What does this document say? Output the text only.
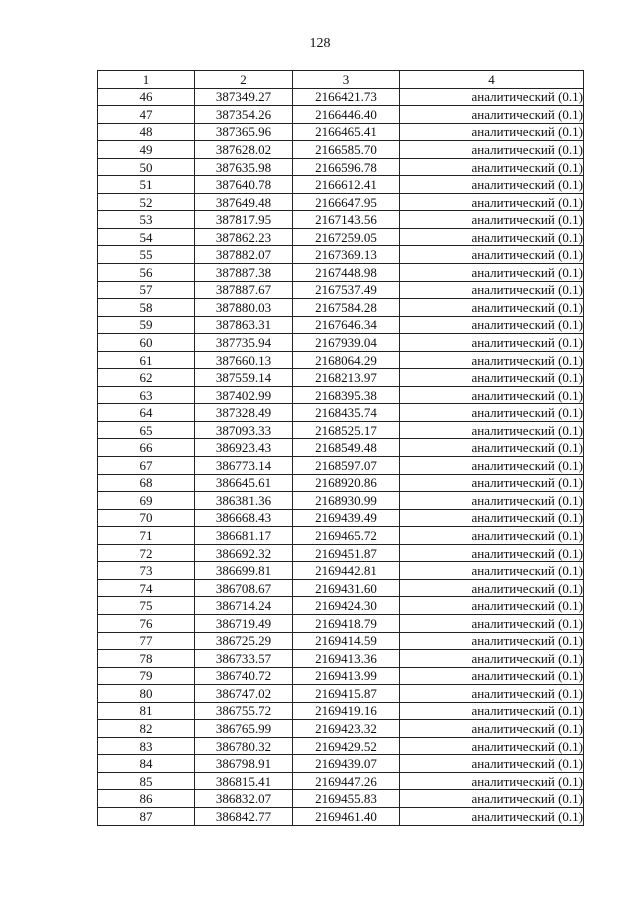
128
1	2	3	4
46	387349.27	2166421.73	аналитический (0.1)
47	387354.26	2166446.40	аналитический (0.1)
48	387365.96	2166465.41	аналитический (0.1)
49	387628.02	2166585.70	аналитический (0.1)
50	387635.98	2166596.78	аналитический (0.1)
51	387640.78	2166612.41	аналитический (0.1)
52	387649.48	2166647.95	аналитический (0.1)
53	387817.95	2167143.56	аналитический (0.1)
54	387862.23	2167259.05	аналитический (0.1)
55	387882.07	2167369.13	аналитический (0.1)
56	387887.38	2167448.98	аналитический (0.1)
57	387887.67	2167537.49	аналитический (0.1)
58	387880.03	2167584.28	аналитический (0.1)
59	387863.31	2167646.34	аналитический (0.1)
60	387735.94	2167939.04	аналитический (0.1)
61	387660.13	2168064.29	аналитический (0.1)
62	387559.14	2168213.97	аналитический (0.1)
63	387402.99	2168395.38	аналитический (0.1)
64	387328.49	2168435.74	аналитический (0.1)
65	387093.33	2168525.17	аналитический (0.1)
66	386923.43	2168549.48	аналитический (0.1)
67	386773.14	2168597.07	аналитический (0.1)
68	386645.61	2168920.86	аналитический (0.1)
69	386381.36	2168930.99	аналитический (0.1)
70	386668.43	2169439.49	аналитический (0.1)
71	386681.17	2169465.72	аналитический (0.1)
72	386692.32	2169451.87	аналитический (0.1)
73	386699.81	2169442.81	аналитический (0.1)
74	386708.67	2169431.60	аналитический (0.1)
75	386714.24	2169424.30	аналитический (0.1)
76	386719.49	2169418.79	аналитический (0.1)
77	386725.29	2169414.59	аналитический (0.1)
78	386733.57	2169413.36	аналитический (0.1)
79	386740.72	2169413.99	аналитический (0.1)
80	386747.02	2169415.87	аналитический (0.1)
81	386755.72	2169419.16	аналитический (0.1)
82	386765.99	2169423.32	аналитический (0.1)
83	386780.32	2169429.52	аналитический (0.1)
84	386798.91	2169439.07	аналитический (0.1)
85	386815.41	2169447.26	аналитический (0.1)
86	386832.07	2169455.83	аналитический (0.1)
87	386842.77	2169461.40	аналитический (0.1)
